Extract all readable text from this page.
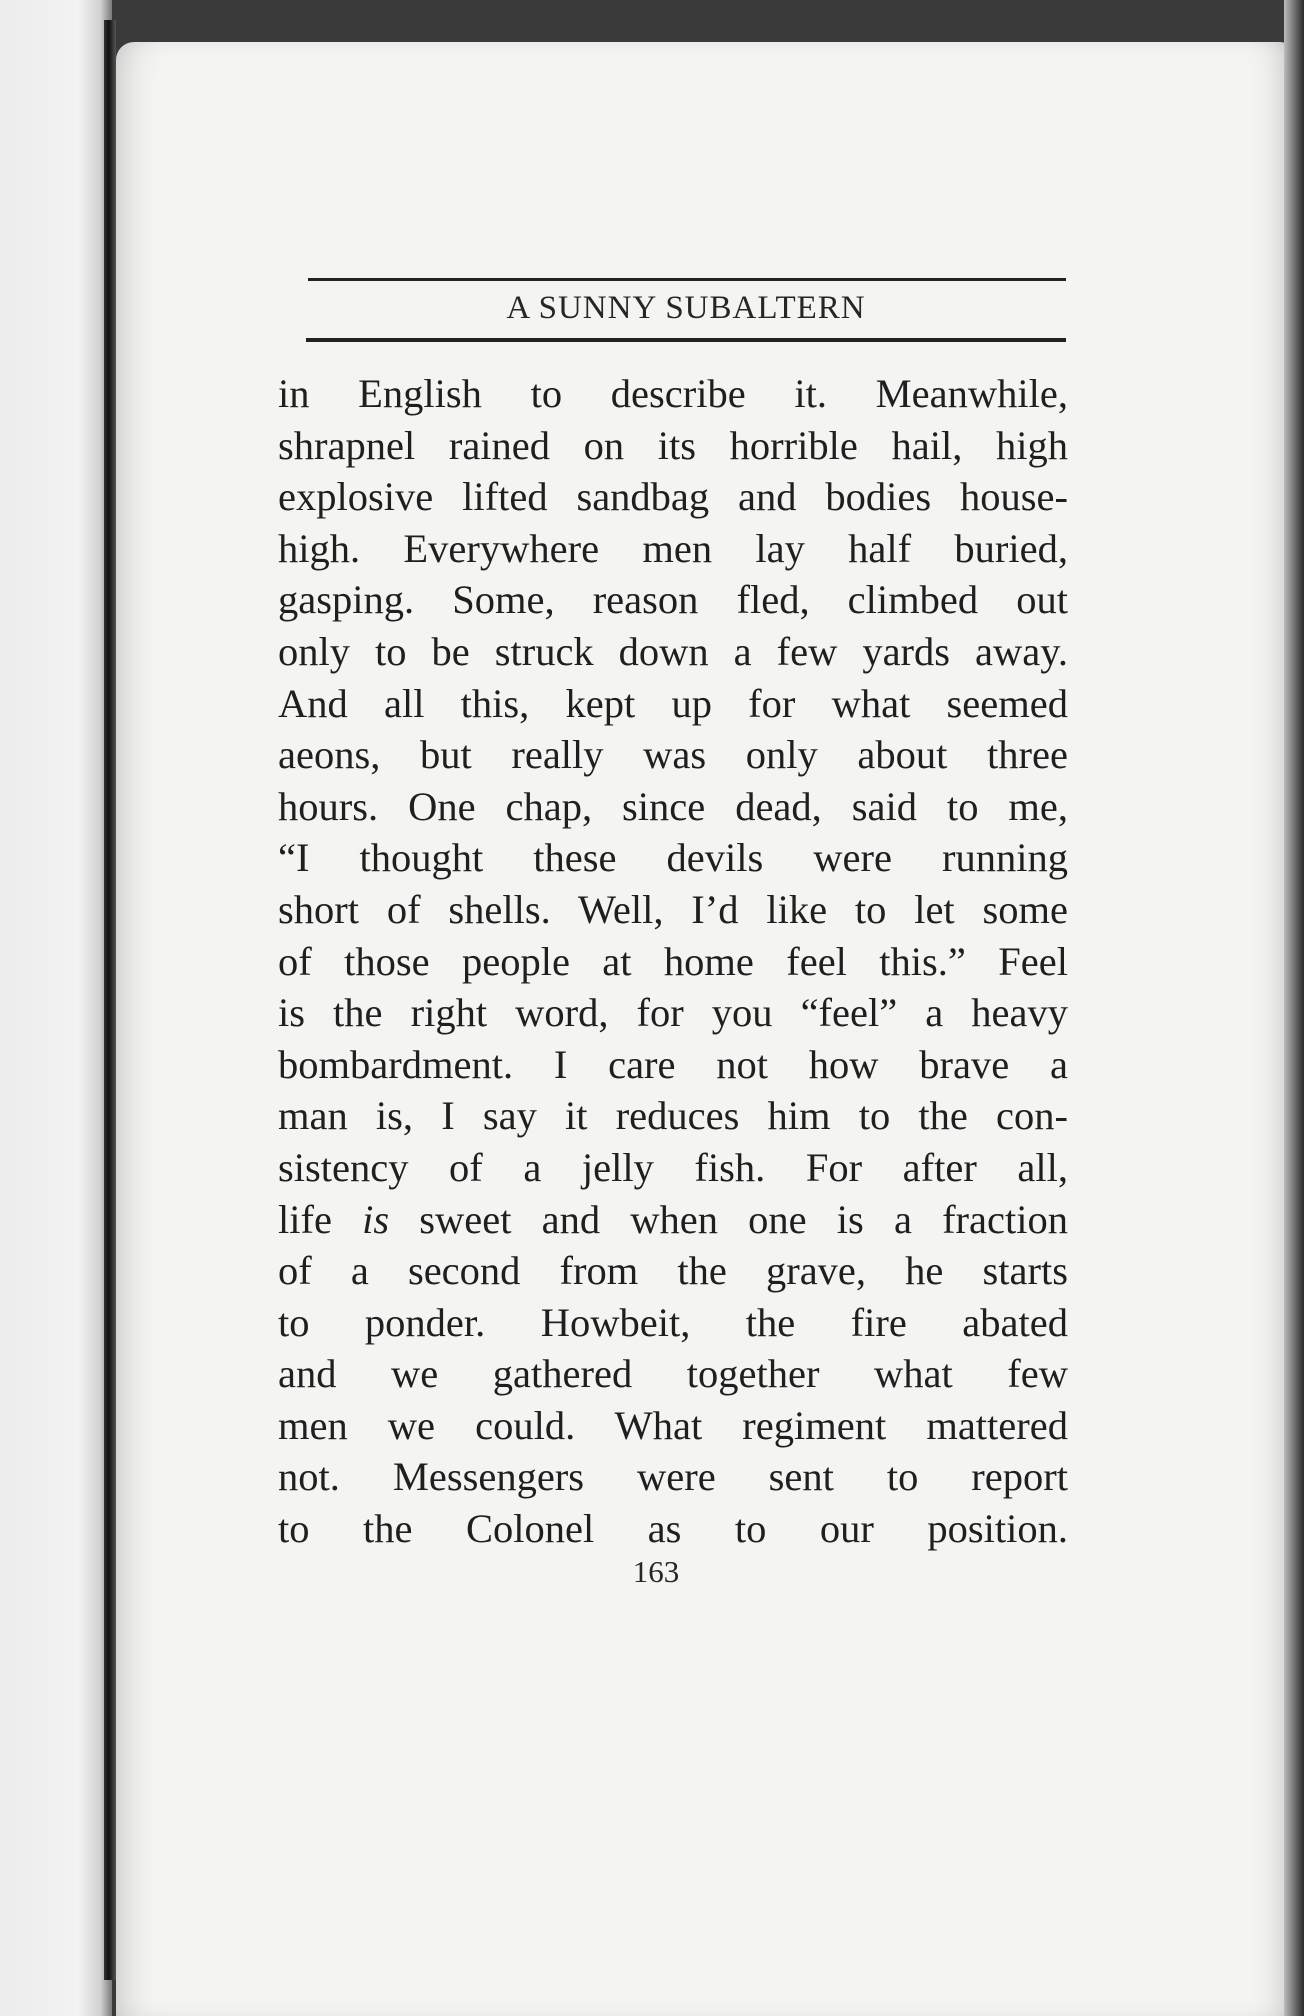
A SUNNY SUBALTERN
in English to describe it. Meanwhile,
shrapnel rained on its horrible hail, high
explosive lifted sandbag and bodies house-
high. Everywhere men lay half buried,
gasping. Some, reason fled, climbed out
only to be struck down a few yards away.
And all this, kept up for what seemed
aeons, but really was only about three
hours. One chap, since dead, said to me,
“I thought these devils were running
short of shells. Well, I’d like to let some
of those people at home feel this.” Feel
is the right word, for you “feel” a heavy
bombardment. I care not how brave a
man is, I say it reduces him to the con-
sistency of a jelly fish. For after all,
life is sweet and when one is a fraction
of a second from the grave, he starts
to ponder. Howbeit, the fire abated
and we gathered together what few
men we could. What regiment mattered
not. Messengers were sent to report
to the Colonel as to our position.
163
